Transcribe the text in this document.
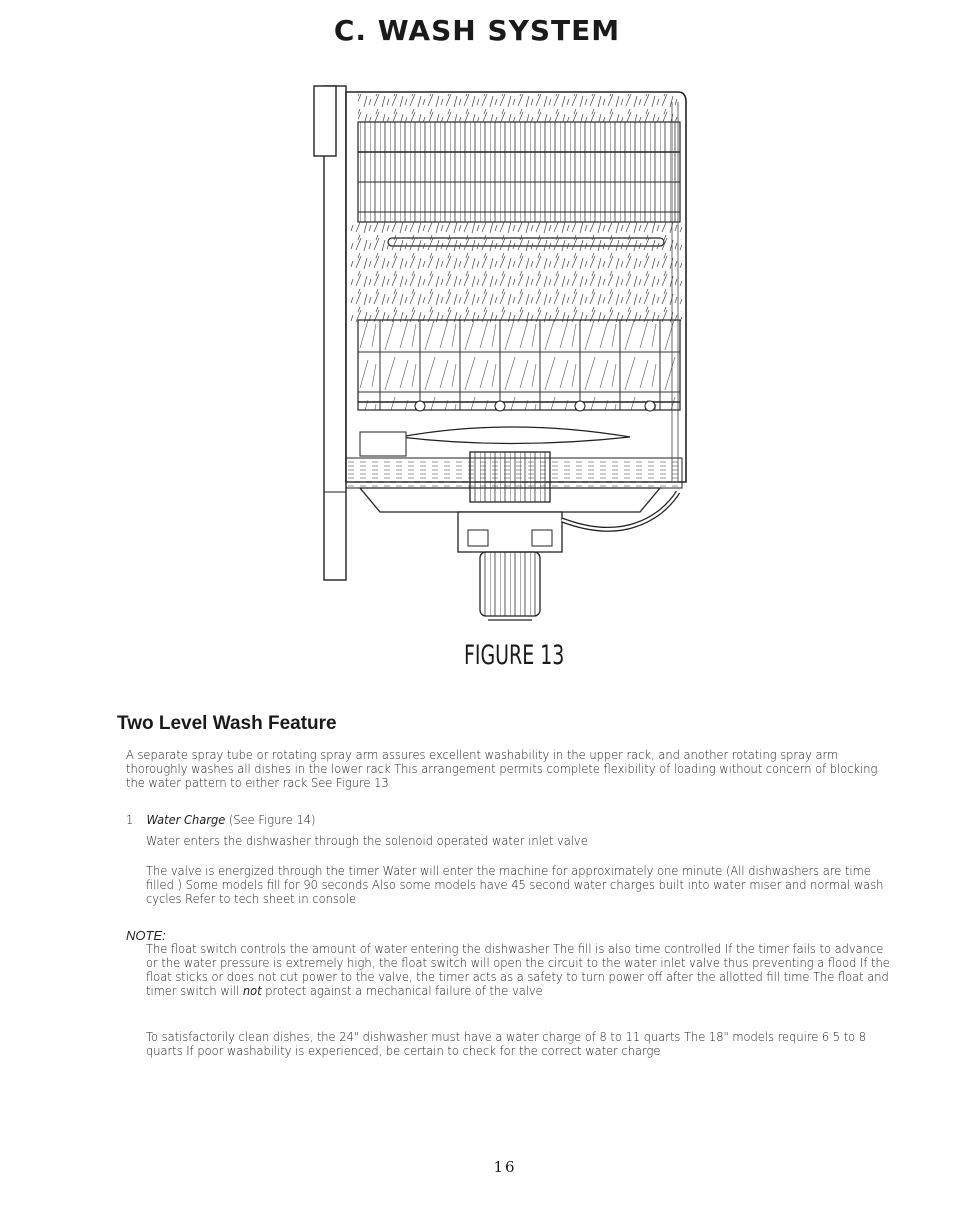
C. WASH SYSTEM
FIGURE 13
Two Level Wash Feature
A separate spray tube or rotating spray arm assures excellent washability in the upper rack, and another rotating spray arm thoroughly washes all dishes in the lower rack This arrangement permits complete flexibility of loading without concern of blocking the water pattern to either rack See Figure 13
1 Water Charge (See Figure 14)
Water enters the dishwasher through the solenoid operated water inlet valve
The valve is energized through the timer Water will enter the machine for approximately one minute (All dishwashers are time filled ) Some models fill for 90 seconds Also some models have 45 second water charges built into water miser and normal wash cycles Refer to tech sheet in console
NOTE:
The float switch controls the amount of water entering the dishwasher The fill is also time controlled If the timer fails to advance or the water pressure is extremely high, the float switch will open the circuit to the water inlet valve thus preventing a flood If the float sticks or does not cut power to the valve, the timer acts as a safety to turn power off after the allotted fill time The float and timer switch will not protect against a mechanical failure of the valve
To satisfactorily clean dishes, the 24" dishwasher must have a water charge of 8 to 11 quarts The 18" models require 6 5 to 8 quarts If poor washability is experienced, be certain to check for the correct water charge
16
